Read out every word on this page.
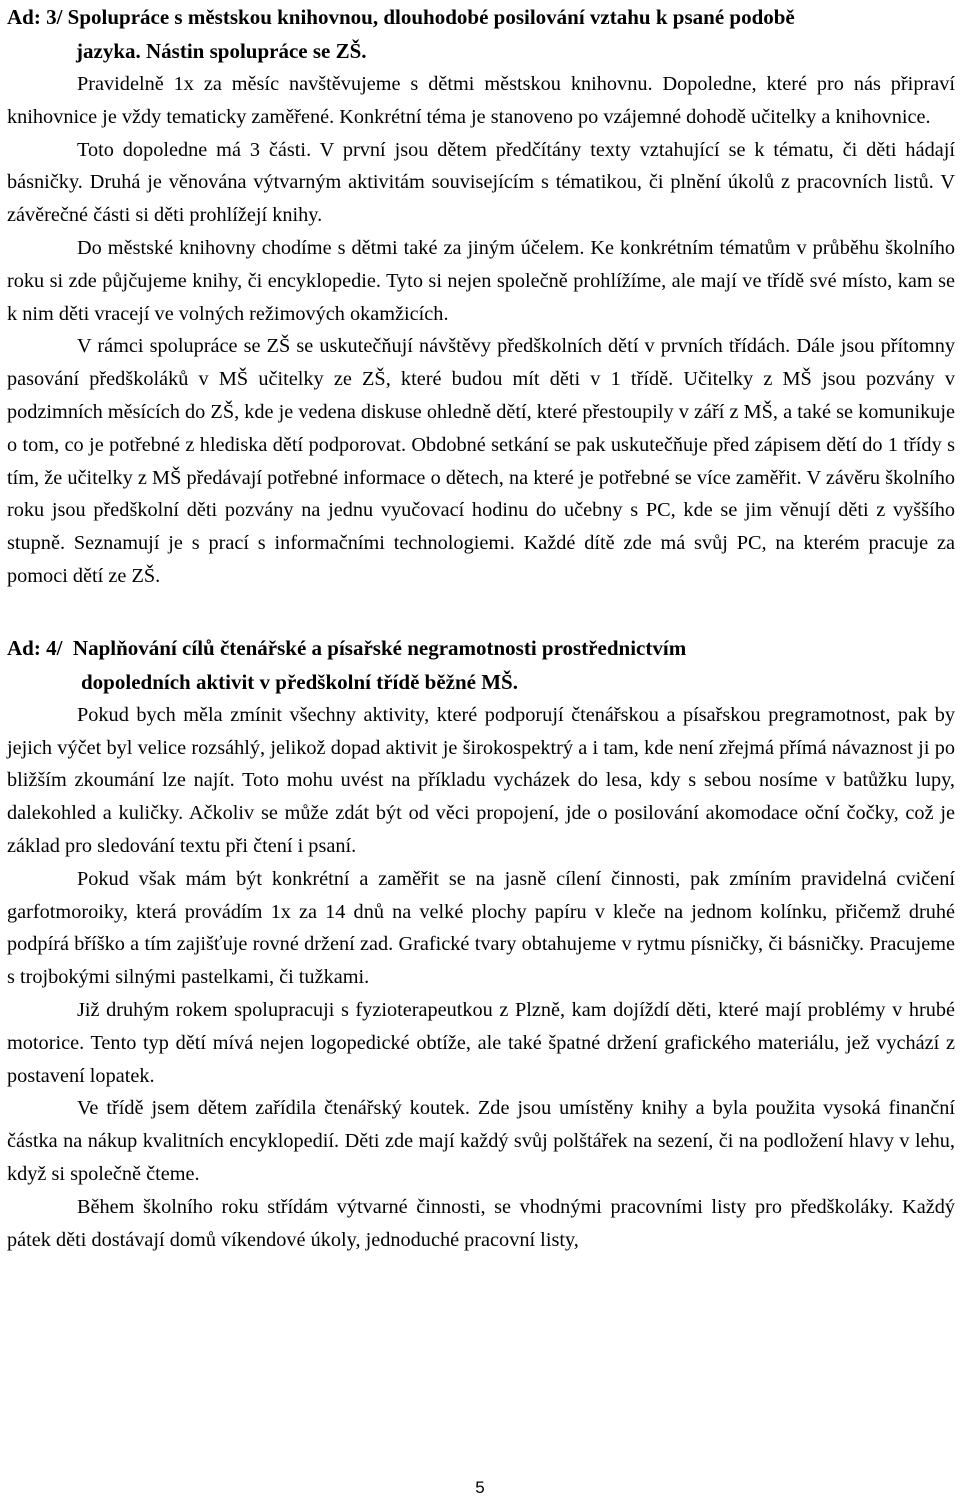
Ad: 3/ Spolupráce s městskou knihovnou, dlouhodobé posilování vztahu k psané podobě

jazyka. Nástin spolupráce se ZŠ.

Pravidelně 1x za měsíc navštěvujeme s dětmi městskou knihovnu. Dopoledne, které pro nás připraví knihovnice je vždy tematicky zaměřené. Konkrétní téma je stanoveno po vzájemné dohodě učitelky a knihovnice.

Toto dopoledne má 3 části. V první jsou dětem předčítány texty vztahující se k tématu, či děti hádají básničky. Druhá je věnována výtvarným aktivitám souvisejícím s tématikou, či plnění úkolů z pracovních listů. V závěrečné části si děti prohlížejí knihy.

Do městské knihovny chodíme s dětmi také za jiným účelem. Ke konkrétním tématům v průběhu školního roku si zde půjčujeme knihy, či encyklopedie. Tyto si nejen společně prohlížíme, ale mají ve třídě své místo, kam se k nim děti vracejí ve volných režimových okamžicích.

V rámci spolupráce se ZŠ se uskutečňují návštěvy předškolních dětí v prvních třídách. Dále jsou přítomny pasování předškoláků v MŠ učitelky ze ZŠ, které budou mít děti v 1 třídě. Učitelky z MŠ jsou pozvány v podzimních měsících do ZŠ, kde je vedena diskuse ohledně dětí, které přestoupily v září z MŠ, a také se komunikuje o tom, co je potřebné z hlediska dětí podporovat. Obdobné setkání se pak uskutečňuje před zápisem dětí do 1 třídy s tím, že učitelky z MŠ předávají potřebné informace o dětech, na které je potřebné se více zaměřit. V závěru školního roku jsou předškolní děti pozvány na jednu vyučovací hodinu do učebny s PC, kde se jim věnují děti z vyššího stupně. Seznamují je s prací s informačními technologiemi. Každé dítě zde má svůj PC, na kterém pracuje za pomoci dětí ze ZŠ.

Ad: 4/  Naplňování cílů čtenářské a písařské negramotnosti prostřednictvím

dopoledních aktivit v předškolní třídě běžné MŠ.

Pokud bych měla zmínit všechny aktivity, které podporují čtenářskou a písařskou pregramotnost, pak by jejich výčet byl velice rozsáhlý, jelikož dopad aktivit je širokospektrý a i tam, kde není zřejmá přímá návaznost ji po bližším zkoumání lze najít. Toto mohu uvést na příkladu vycházek do lesa, kdy s sebou nosíme v batůžku lupy, dalekohled a kuličky. Ačkoliv se může zdát být od věci propojení, jde o posilování akomodace oční čočky, což je základ pro sledování textu při čtení i psaní.

Pokud však mám být konkrétní a zaměřit se na jasně cílení činnosti, pak zmíním pravidelná cvičení garfotmoroiky, která provádím 1x za 14 dnů na velké plochy papíru v kleče na jednom kolínku, přičemž druhé podpírá bříško a tím zajišťuje rovné držení zad. Grafické tvary obtahujeme v rytmu písničky, či básničky. Pracujeme s trojbokými silnými pastelkami, či tužkami.

Již druhým rokem spolupracuji s fyzioterapeutkou z Plzně, kam dojíždí děti, které mají problémy v hrubé motorice. Tento typ dětí mívá nejen logopedické obtíže, ale také špatné držení grafického materiálu, jež vychází z postavení lopatek.

Ve třídě jsem dětem zařídila čtenářský koutek. Zde jsou umístěny knihy a byla použita vysoká finanční částka na nákup kvalitních encyklopedií. Děti zde mají každý svůj polštářek na sezení, či na podložení hlavy v lehu, když si společně čteme.

Během školního roku střídám výtvarné činnosti, se vhodnými pracovními listy pro předškoláky. Každý pátek děti dostávají domů víkendové úkoly, jednoduché pracovní listy,

5
